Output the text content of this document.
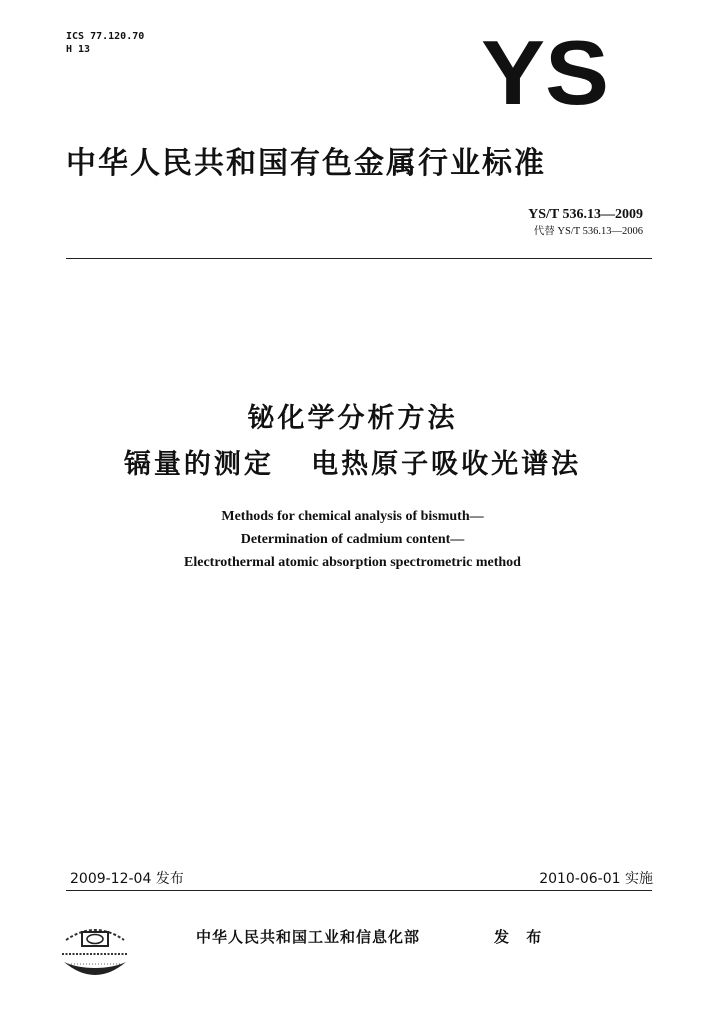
ICS 77.120.70
H 13	YS
中华人民共和国有色金属行业标准
YS/T 536.13—2009
代替 YS/T 536.13—2006
铋化学分析方法
镉量的测定   电热原子吸收光谱法
Methods for chemical analysis of bismuth—
Determination of cadmium content—
Electrothermal atomic absorption spectrometric method
2009-12-04 发布	2010-06-01 实施
中华人民共和国工业和信息化部	发 布
